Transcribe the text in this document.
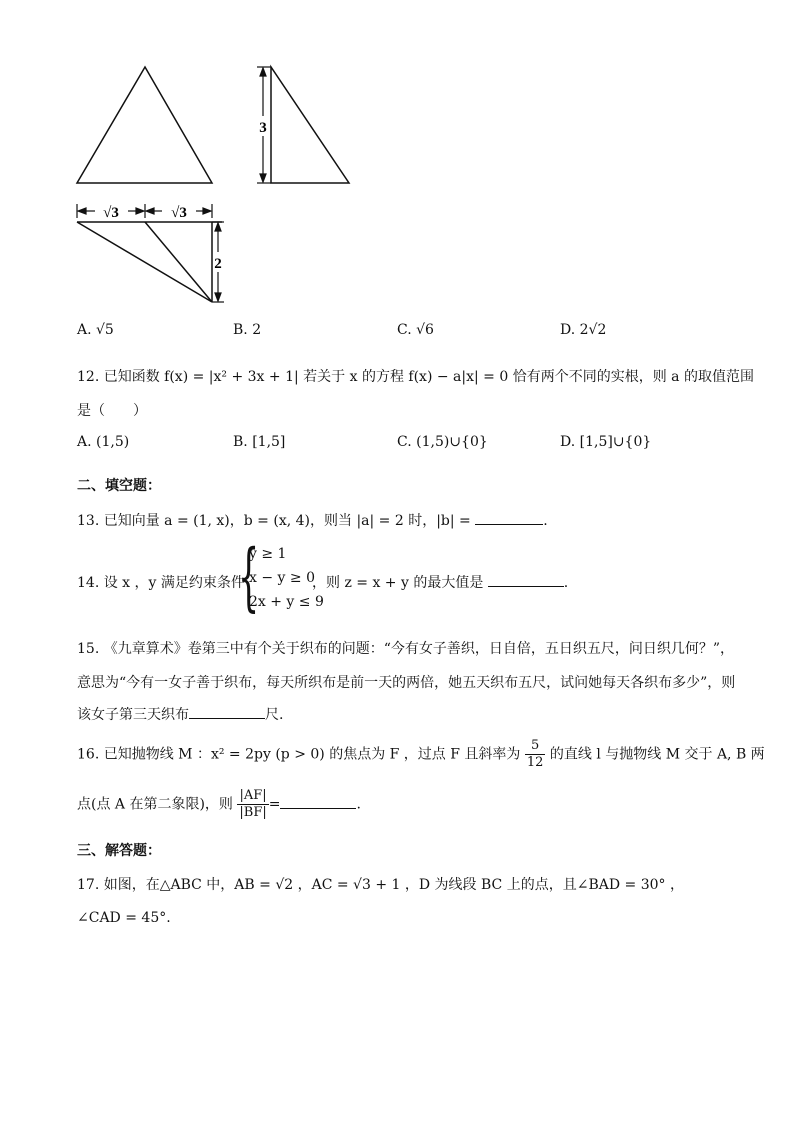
3
√3	√3
2
A. √5	B. 2	C. √6	D. 2√2
12. 已知函数 f(x) = |x² + 3x + 1| 若关于 x 的方程 f(x) − a|x| = 0 恰有两个不同的实根，则 a 的取值范围
是（　　）
A. (1,5)	B. [1,5]	C. (1,5)∪{0}	D. [1,5]∪{0}
二、填空题：
13. 已知向量 a = (1, x)，b = (x, 4)，则当 |a| = 2 时，|b| =	.
14. 设 x ，y 满足约束条件
{
y ≥ 1
x − y ≥ 0
2x + y ≤ 9
，则 z = x + y 的最大值是	.
15. 《九章算术》卷第三中有个关于织布的问题：“今有女子善织，日自倍，五日织五尺，问日织几何？”，
意思为“今有一女子善于织布，每天所织布是前一天的两倍，她五天织布五尺，试问她每天各织布多少”，则
该女子第三天织布	尺.
16. 已知抛物线 M ：x² = 2py (p > 0) 的焦点为 F ，过点 F 且斜率为 $\frac{5}{12}$ 的直线 l 与抛物线 M 交于 A, B 两
点(点 A 在第二象限)，则 $\frac{|AF|}{|BF|}$ =	.
三、解答题：
17. 如图，在△ABC 中，AB = √2 ，AC = √3 + 1 ，D 为线段 BC 上的点，且∠BAD = 30° ，
∠CAD = 45°.
